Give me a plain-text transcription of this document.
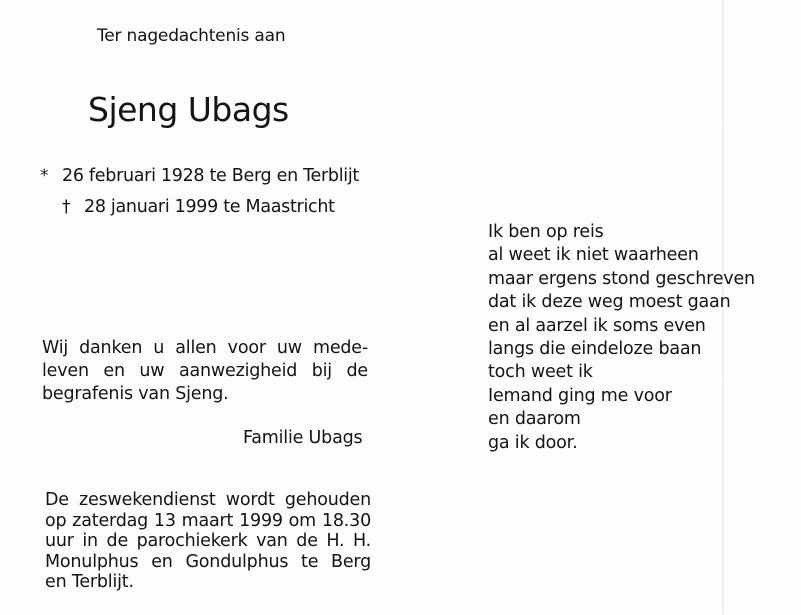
Ter nagedachtenis aan
Sjeng Ubags
* 26 februari 1928 te Berg en Terblijt
† 28 januari 1999 te Maastricht
Wij danken u allen voor uw mede-
leven en uw aanwezigheid bij de
begrafenis van Sjeng.
Familie Ubags
De zeswekendienst wordt gehouden
op zaterdag 13 maart 1999 om 18.30
uur in de parochiekerk van de H. H.
Monulphus en Gondulphus te Berg
en Terblijt.
Ik ben op reis
al weet ik niet waarheen
maar ergens stond geschreven
dat ik deze weg moest gaan
en al aarzel ik soms even
langs die eindeloze baan
toch weet ik
Iemand ging me voor
en daarom
ga ik door.
